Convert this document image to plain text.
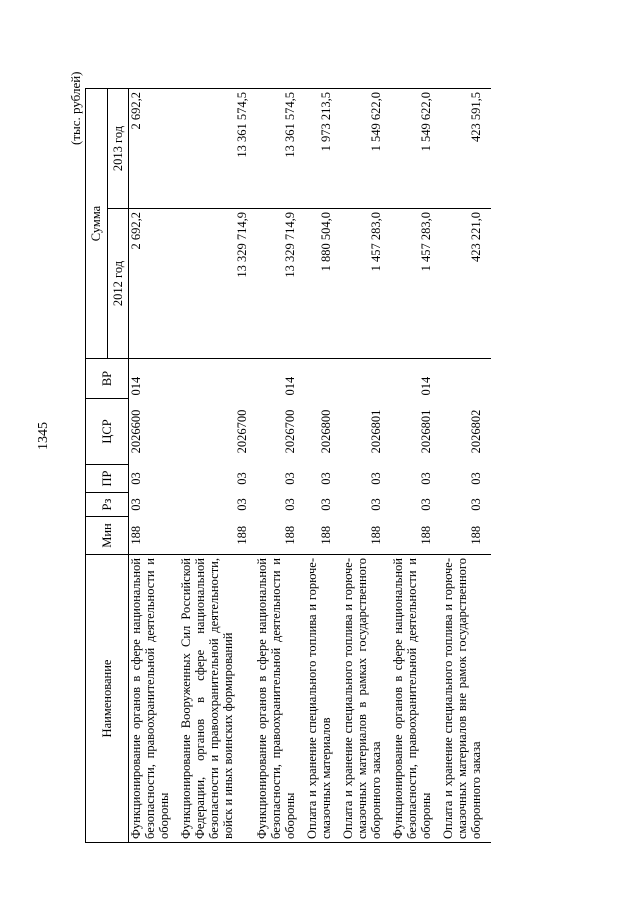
1345
(тыс. рублей)
Наименование	Мин	Рз	ПР	ЦСР	ВР	Сумма	
						2012 год	2013 год
Функционирование органов в сфере национальной безопасности, правоохранительной деятельности и обороны	188	03	03	2026600	014	2 692,2	2 692,2
Функционирование Вооруженных Сил Российской Федерации, органов в сфере национальной безопасности и правоохранительной деятельности, войск и иных воинских формирований	188	03	03	2026700		13 329 714,9	13 361 574,5
Функционирование органов в сфере национальной безопасности, правоохранительной деятельности и обороны	188	03	03	2026700	014	13 329 714,9	13 361 574,5
Оплата и хранение специального топлива и горюче-смазочных материалов	188	03	03	2026800		1 880 504,0	1 973 213,5
Оплата и хранение специального топлива и горюче-смазочных материалов в рамках государственного оборонного заказа	188	03	03	2026801		1 457 283,0	1 549 622,0
Функционирование органов в сфере национальной безопасности, правоохранительной деятельности и обороны	188	03	03	2026801	014	1 457 283,0	1 549 622,0
Оплата и хранение специального топлива и горюче-смазочных материалов вне рамок государственного оборонного заказа	188	03	03	2026802		423 221,0	423 591,5
